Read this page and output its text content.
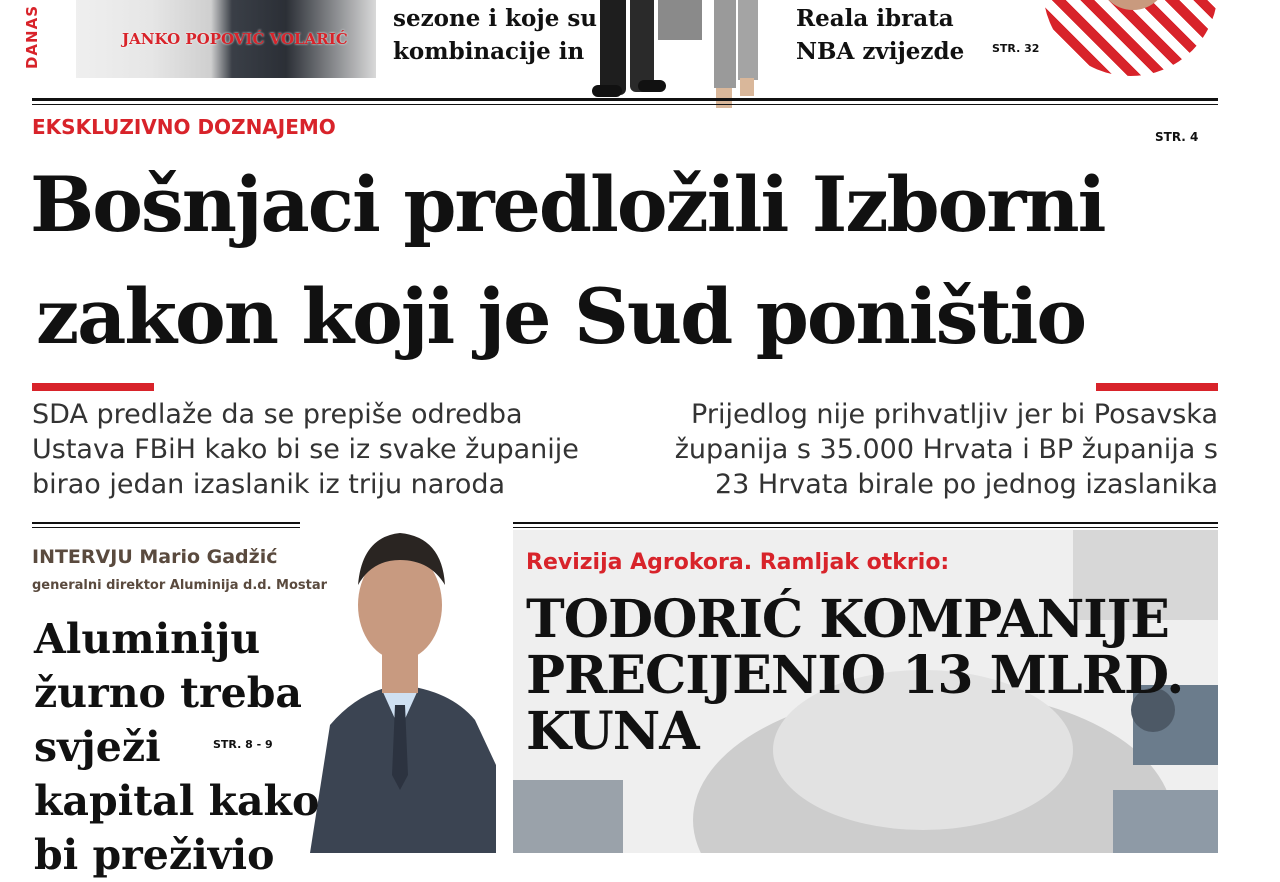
DANAS	JANKO POPOVIĆ VOLARIĆ
sezone i koje su kombinacije in
Reala ibrata NBA zvijezde	STR. 32
EKSKLUZIVNO DOZNAJEMO	STR. 4
Bošnjaci predložili Izborni
zakon koji je Sud poništio
SDA predlaže da se prepiše odredba Ustava FBiH kako bi se iz svake županije birao jedan izaslanik iz triju naroda
Prijedlog nije prihvatljiv jer bi Posavska županija s 35.000 Hrvata i BP županija s 23 Hrvata birale po jednog izaslanika
INTERVJU Mario Gadžić
generalni direktor Aluminija d.d. Mostar
Aluminiju žurno treba svježi kapital kako bi preživio
STR. 8 - 9
Revizija Agrokora. Ramljak otkrio:
TODORIĆ KOMPANIJE PRECIJENIO 13 MLRD. KUNA
